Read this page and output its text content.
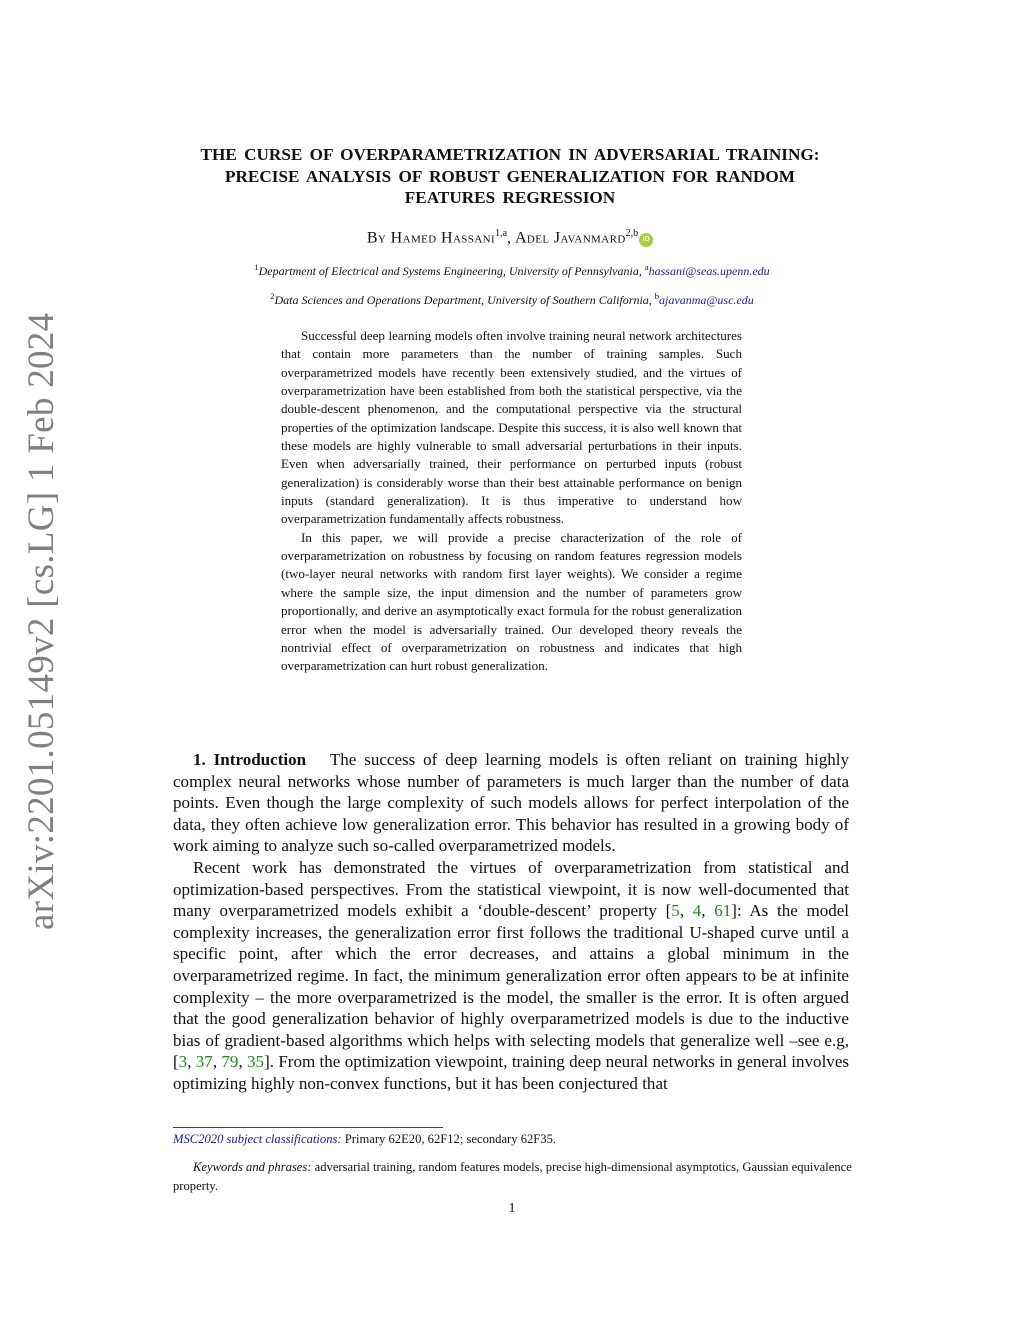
arXiv:2201.05149v2 [cs.LG] 1 Feb 2024
THE CURSE OF OVERPARAMETRIZATION IN ADVERSARIAL TRAINING:
PRECISE ANALYSIS OF ROBUST GENERALIZATION FOR RANDOM
FEATURES REGRESSION
By Hamed Hassani$^{1,a}$, Adel Javanmard$^{2,b}$iD
$^1$Department of Electrical and Systems Engineering, University of Pennsylvania, $^a$hassani@seas.upenn.edu
$^2$Data Sciences and Operations Department, University of Southern California, $^b$ajavanma@usc.edu

Successful deep learning models often involve training neural network architectures that contain more parameters than the number of training samples. Such overparametrized models have recently been extensively studied, and the virtues of overparametrization have been established from both the statistical perspective, via the double-descent phenomenon, and the computational perspective via the structural properties of the optimization landscape. Despite this success, it is also well known that these models are highly vulnerable to small adversarial perturbations in their inputs. Even when adversarially trained, their performance on perturbed inputs (robust generalization) is considerably worse than their best attainable performance on benign inputs (standard generalization). It is thus imperative to understand how overparametrization fundamentally affects robustness.

In this paper, we will provide a precise characterization of the role of overparametrization on robustness by focusing on random features regression models (two-layer neural networks with random first layer weights). We consider a regime where the sample size, the input dimension and the number of parameters grow proportionally, and derive an asymptotically exact formula for the robust generalization error when the model is adversarially trained. Our developed theory reveals the nontrivial effect of overparametrization on robustness and indicates that high overparametrization can hurt robust generalization.

1. Introduction The success of deep learning models is often reliant on training highly complex neural networks whose number of parameters is much larger than the number of data points. Even though the large complexity of such models allows for perfect interpolation of the data, they often achieve low generalization error. This behavior has resulted in a growing body of work aiming to analyze such so-called overparametrized models.

Recent work has demonstrated the virtues of overparametrization from statistical and optimization-based perspectives. From the statistical viewpoint, it is now well-documented that many overparametrized models exhibit a ‘double-descent’ property [5, 4, 61]: As the model complexity increases, the generalization error first follows the traditional U-shaped curve until a specific point, after which the error decreases, and attains a global minimum in the overparametrized regime. In fact, the minimum generalization error often appears to be at infinite complexity – the more overparametrized is the model, the smaller is the error. It is often argued that the good generalization behavior of highly overparametrized models is due to the inductive bias of gradient-based algorithms which helps with selecting models that generalize well –see e.g, [3, 37, 79, 35]. From the optimization viewpoint, training deep neural networks in general involves optimizing highly non-convex functions, but it has been conjectured that

MSC2020 subject classifications: Primary 62E20, 62F12; secondary 62F35.
Keywords and phrases: adversarial training, random features models, precise high-dimensional asymptotics, Gaussian equivalence property.
1
